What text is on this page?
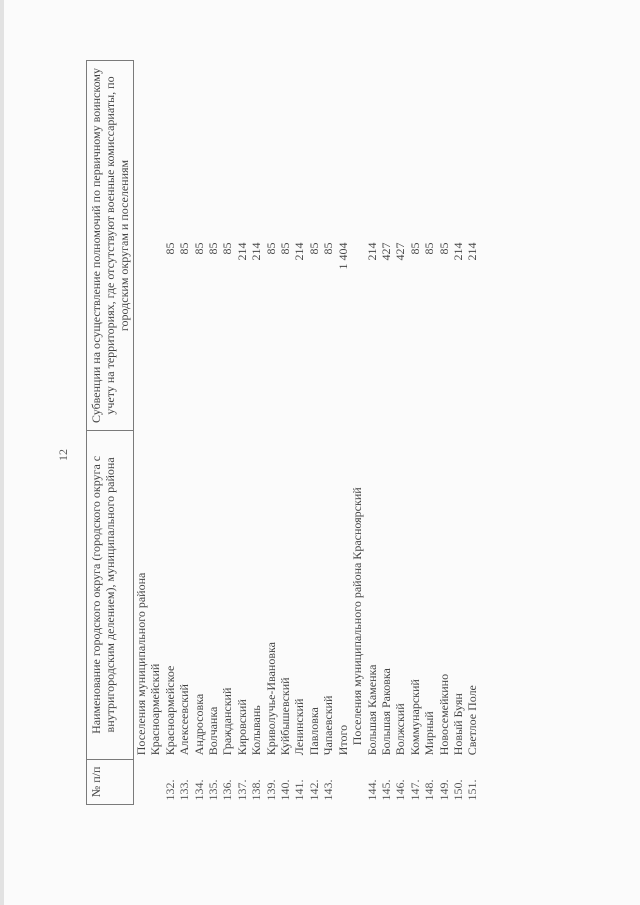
12
№ п/п	Наименование городского округа (городского округа с внутригородским делением), муниципального района	Субвенции на осуществление полномочий по первичному воинскому учету на территориях, где отсутствуют военные комиссариаты, по городским округам и поселениям
	Поселения муниципального района	
	Красноармейский	
132.	Красноармейское	85
133.	Алексеевский	85
134.	Андросовка	85
135.	Волчанка	85
136.	Гражданский	85
137.	Кировский	214
138.	Колывань	214
139.	Криволучье-Ивановка	85
140.	Куйбышевский	85
141.	Ленинский	214
142.	Павловка	85
143.	Чапаевский	85
	Итого	1 404
	Поселения муниципального района Красноярский	
144.	Большая Каменка	214
145.	Большая Раковка	427
146.	Волжский	427
147.	Коммунарский	85
148.	Мирный	85
149.	Новосемейкино	85
150.	Новый Буян	214
151.	Светлое Поле	214
